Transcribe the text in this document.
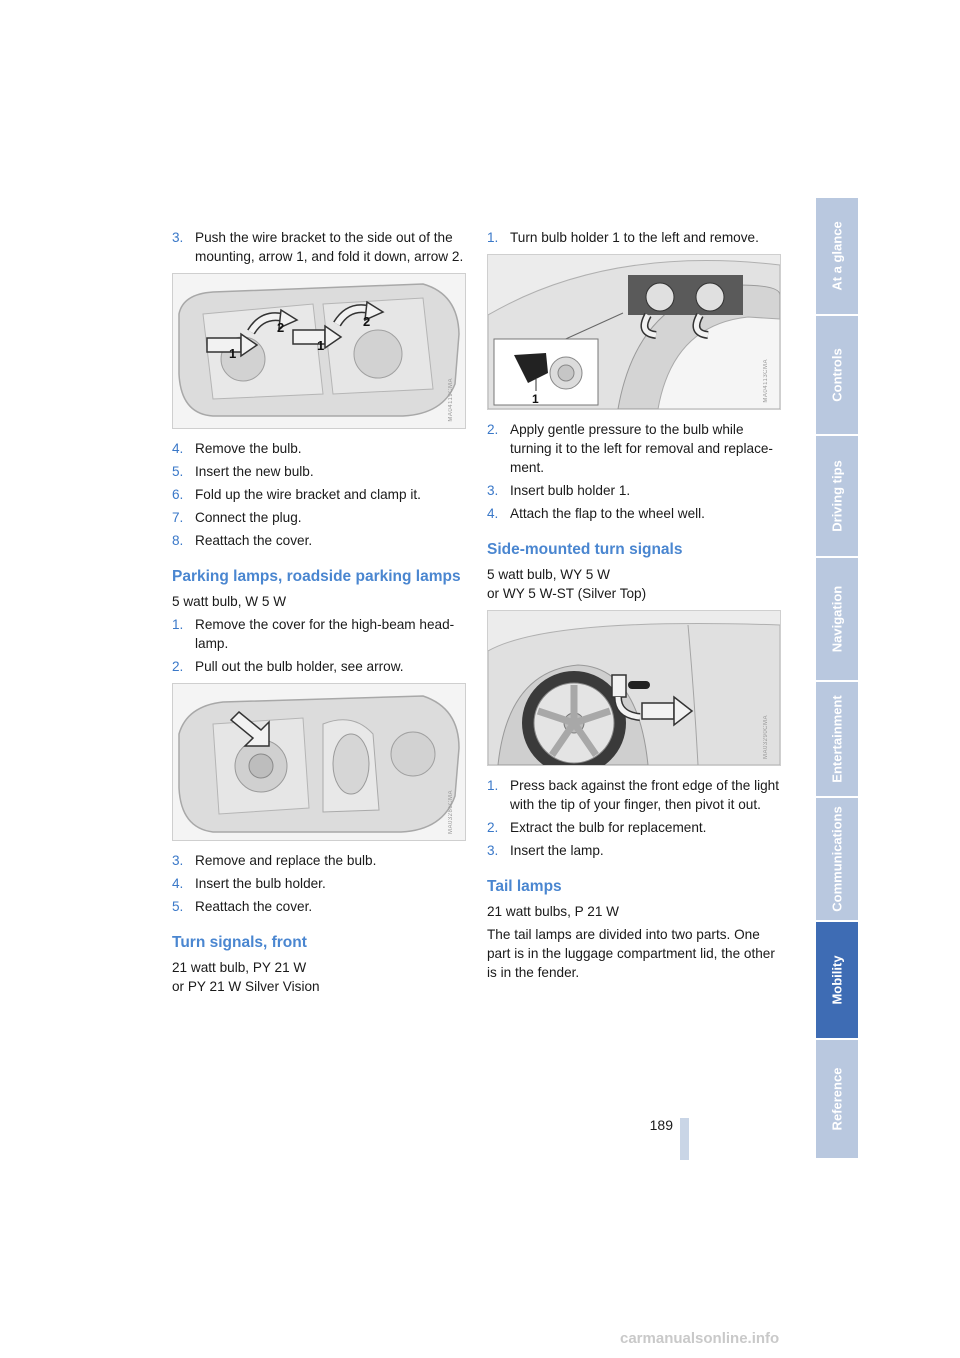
3. Push the wire bracket to the side out of the mounting, arrow 1, and fold it down, arrow 2.
1
2
1
2
MA04119CMA
4. Remove the bulb.
5. Insert the new bulb.
6. Fold up the wire bracket and clamp it.
7. Connect the plug.
8. Reattach the cover.
Parking lamps, roadside parking lamps
5 watt bulb, W 5 W
1. Remove the cover for the high-beam head-lamp.
2. Pull out the bulb holder, see arrow.
MA03286CMA
3. Remove and replace the bulb.
4. Insert the bulb holder.
5. Reattach the cover.
Turn signals, front
21 watt bulb, PY 21 W
or PY 21 W Silver Vision
1. Turn bulb holder 1 to the left and remove.
1	MA04113CMA
2. Apply gentle pressure to the bulb while turning it to the left for removal and replace-ment.
3. Insert bulb holder 1.
4. Attach the flap to the wheel well.
Side-mounted turn signals
5 watt bulb, WY 5 W
or WY 5 W-ST (Silver Top)
MA03290CMA
1. Press back against the front edge of the light with the tip of your finger, then pivot it out.
2. Extract the bulb for replacement.
3. Insert the lamp.
Tail lamps
21 watt bulbs, P 21 W
The tail lamps are divided into two parts. One part is in the luggage compartment lid, the other is in the fender.
At a glance
Controls
Driving tips
Navigation
Entertainment
Communications
Mobility
Reference
189
carmanualsonline.info
